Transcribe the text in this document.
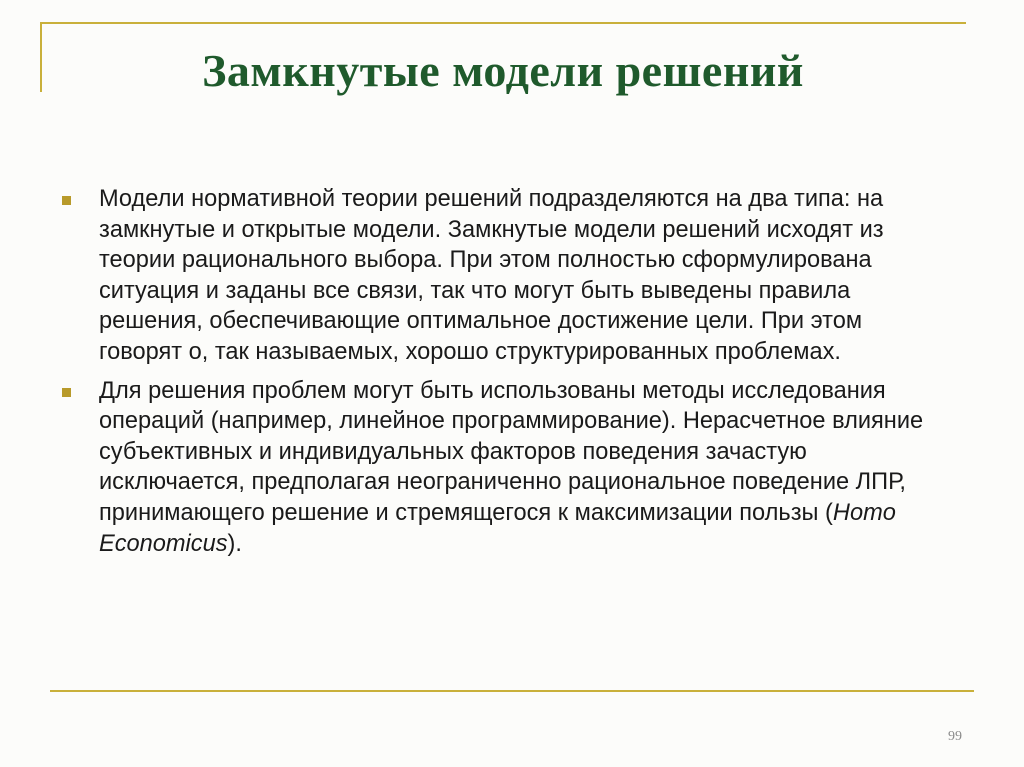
Замкнутые модели решений
Модели нормативной теории решений подразделяются на два типа: на замкнутые и открытые модели. Замкнутые модели решений исходят из теории рационального выбора. При этом полностью сформулирована ситуация и заданы все связи, так что могут быть выведены правила решения, обеспечивающие оптимальное достижение цели. При этом говорят о, так называемых, хорошо структурированных проблемах.
Для решения проблем могут быть использованы методы исследования операций (например, линейное программирование). Нерасчетное влияние субъективных и индивидуальных факторов поведения зачастую исключается, предполагая неограниченно рациональное поведение ЛПР, принимающего решение и стремящегося к максимизации пользы (Homo Economicus).
99
